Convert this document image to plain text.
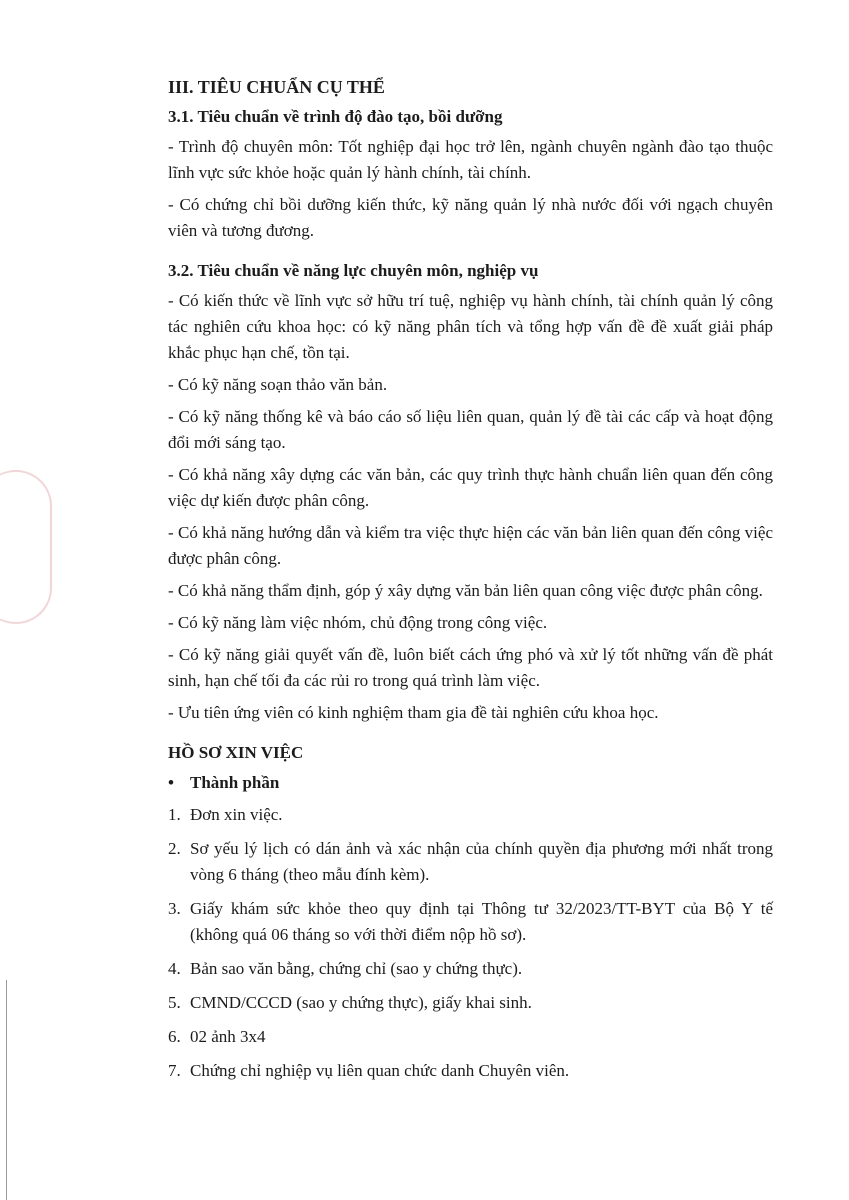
III. TIÊU CHUẨN CỤ THỂ
3.1. Tiêu chuẩn về trình độ đào tạo, bồi dưỡng

- Trình độ chuyên môn: Tốt nghiệp đại học trở lên, ngành chuyên ngành đào tạo thuộc lĩnh vực sức khỏe hoặc quản lý hành chính, tài chính.

- Có chứng chỉ bồi dưỡng kiến thức, kỹ năng quản lý nhà nước đối với ngạch chuyên viên và tương đương.

3.2. Tiêu chuẩn về năng lực chuyên môn, nghiệp vụ

- Có kiến thức về lĩnh vực sở hữu trí tuệ, nghiệp vụ hành chính, tài chính quản lý công tác nghiên cứu khoa học: có kỹ năng phân tích và tổng hợp vấn đề đề xuất giải pháp khắc phục hạn chế, tồn tại.

- Có kỹ năng soạn thảo văn bản.

- Có kỹ năng thống kê và báo cáo số liệu liên quan, quản lý đề tài các cấp và hoạt động đổi mới sáng tạo.

- Có khả năng xây dựng các văn bản, các quy trình thực hành chuẩn liên quan đến công việc dự kiến được phân công.

- Có khả năng hướng dẫn và kiểm tra việc thực hiện các văn bản liên quan đến công việc được phân công.

- Có khả năng thẩm định, góp ý xây dựng văn bản liên quan công việc được phân công.

- Có kỹ năng làm việc nhóm, chủ động trong công việc.

- Có kỹ năng giải quyết vấn đề, luôn biết cách ứng phó và xử lý tốt những vấn đề phát sinh, hạn chế tối đa các rủi ro trong quá trình làm việc.

- Ưu tiên ứng viên có kinh nghiệm tham gia đề tài nghiên cứu khoa học.

HỒ SƠ XIN VIỆC
• Thành phần
1. Đơn xin việc.
2. Sơ yếu lý lịch có dán ảnh và xác nhận của chính quyền địa phương mới nhất trong vòng 6 tháng (theo mẫu đính kèm).
3. Giấy khám sức khỏe theo quy định tại Thông tư 32/2023/TT-BYT của Bộ Y tế (không quá 06 tháng so với thời điểm nộp hồ sơ).
4. Bản sao văn bằng, chứng chỉ (sao y chứng thực).
5. CMND/CCCD (sao y chứng thực), giấy khai sinh.
6. 02 ảnh 3x4
7. Chứng chỉ nghiệp vụ liên quan chức danh Chuyên viên.
